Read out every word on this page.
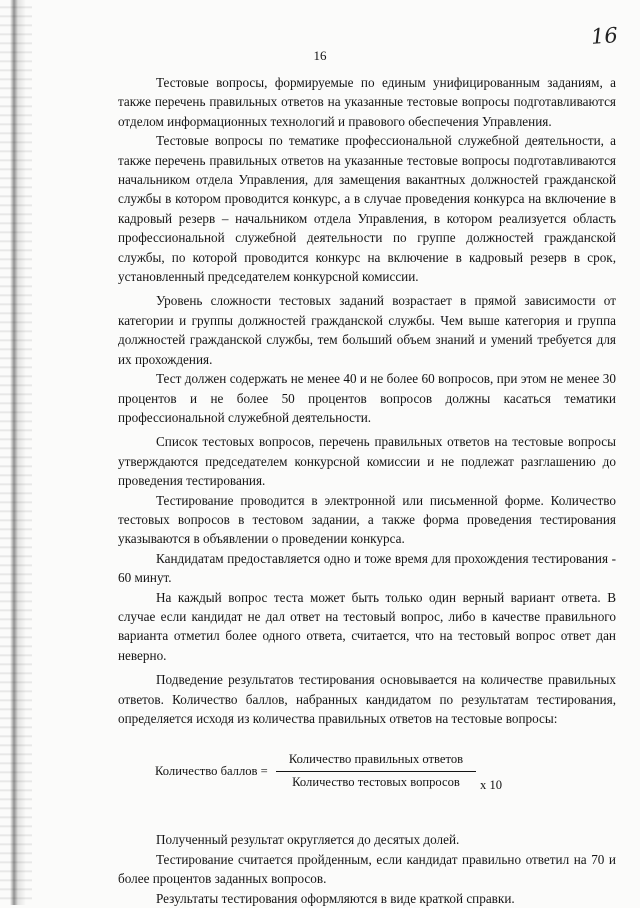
16
16

Тестовые вопросы, формируемые по единым унифицированным заданиям, а также перечень правильных ответов на указанные тестовые вопросы подготавливаются отделом информационных технологий и правового обеспечения Управления.

Тестовые вопросы по тематике профессиональной служебной деятельности, а также перечень правильных ответов на указанные тестовые вопросы подготавливаются начальником отдела Управления, для замещения вакантных должностей гражданской службы в котором проводится конкурс, а в случае проведения конкурса на включение в кадровый резерв – начальником отдела Управления, в котором реализуется область профессиональной служебной деятельности по группе должностей гражданской службы, по которой проводится конкурс на включение в кадровый резерв в срок, установленный председателем конкурсной комиссии.

Уровень сложности тестовых заданий возрастает в прямой зависимости от категории и группы должностей гражданской службы. Чем выше категория и группа должностей гражданской службы, тем больший объем знаний и умений требуется для их прохождения.

Тест должен содержать не менее 40 и не более 60 вопросов, при этом не менее 30 процентов и не более 50 процентов вопросов должны касаться тематики профессиональной служебной деятельности.

Список тестовых вопросов, перечень правильных ответов на тестовые вопросы утверждаются председателем конкурсной комиссии и не подлежат разглашению до проведения тестирования.

Тестирование проводится в электронной или письменной форме. Количество тестовых вопросов в тестовом задании, а также форма проведения тестирования указываются в объявлении о проведении конкурса.

Кандидатам предоставляется одно и тоже время для прохождения тестирования - 60 минут.

На каждый вопрос теста может быть только один верный вариант ответа. В случае если кандидат не дал ответ на тестовый вопрос, либо в качестве правильного варианта отметил более одного ответа, считается, что на тестовый вопрос ответ дан неверно.

Подведение результатов тестирования основывается на количестве правильных ответов. Количество баллов, набранных кандидатом по результатам тестирования, определяется исходя из количества правильных ответов на тестовые вопросы:

Количество баллов =
Количество правильных ответов
Количество тестовых вопросов	x 10

Полученный результат округляется до десятых долей.

Тестирование считается пройденным, если кандидат правильно ответил на 70 и более процентов заданных вопросов.

Результаты тестирования оформляются в виде краткой справки.
